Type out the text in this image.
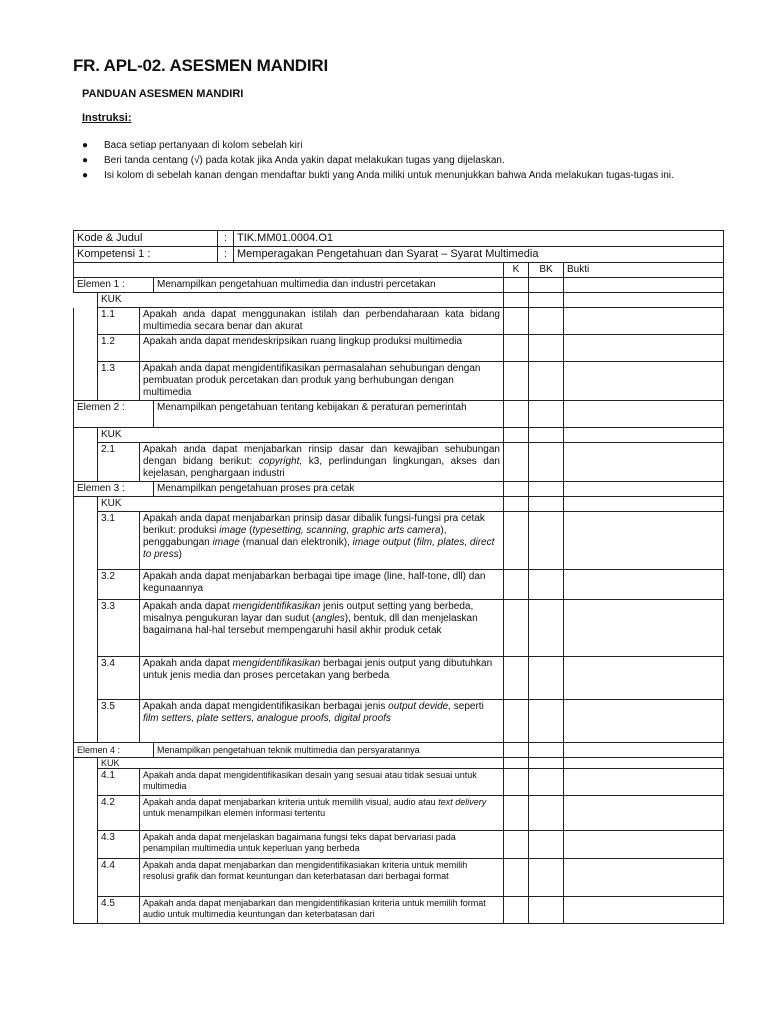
FR. APL-02. ASESMEN MANDIRI
PANDUAN ASESMEN MANDIRI

Instruksi:

● Baca setiap pertanyaan di kolom sebelah kiri
● Beri tanda centang (√) pada kotak jika Anda yakin dapat melakukan tugas yang dijelaskan.
● Isi kolom di sebelah kanan dengan mendaftar bukti yang Anda miliki untuk menunjukkan bahwa Anda melakukan tugas-tugas ini.
Kode & Judul				:	TIK.MM01.0004.O1			
Kompetensi 1 :				:	Memperagakan Pengetahuan dan Syarat – Syarat Multimedia			
						K	BK	Bukti
Elemen 1 :			Menampilkan pengetahuan multimedia dan industri percetakan					
	KUK							
	1.1	Apakah anda dapat menggunakan istilah dan perbendaharaan kata bidang multimedia secara benar dan akurat						
	1.2	Apakah anda dapat mendeskripsikan ruang lingkup produksi multimedia						
	1.3	Apakah anda dapat mengidentifikasikan permasalahan sehubungan dengan pembuatan produk percetakan dan produk yang berhubungan dengan multimedia						
Elemen 2 :			Menampilkan pengetahuan tentang kebijakan & peraturan pemerintah					
	KUK							
	2.1	Apakah anda dapat menjabarkan rinsip dasar dan kewajiban sehubungan dengan bidang berikut: copyright, k3, perlindungan lingkungan, akses dan kejelasan, penghargaan industri						
Elemen 3 :			Menampilkan pengetahuan proses pra cetak					
	KUK							
	3.1	Apakah anda dapat menjabarkan prinsip dasar dibalik fungsi-fungsi pra cetak berikut: produksi image (typesetting, scanning, graphic arts camera), penggabungan image (manual dan elektronik), image output (film, plates, direct to press)						
	3.2	Apakah anda dapat menjabarkan berbagai tipe image (line, half-tone, dll) dan kegunaannya						
	3.3	Apakah anda dapat mengidentifikasikan jenis output setting yang berbeda, misalnya pengukuran layar dan sudut (angles), bentuk, dll dan menjelaskan bagaimana hal-hal tersebut mempengaruhi hasil akhir produk cetak						
	3.4	Apakah anda dapat mengidentifikasikan berbagai jenis output yang dibutuhkan untuk jenis media dan proses percetakan yang berbeda						
	3.5	Apakah anda dapat mengidentifikasikan berbagai jenis output devide, seperti film setters, plate setters, analogue proofs, digital proofs						
Elemen 4 :			Menampilkan pengetahuan teknik multimedia dan persyaratannya					
	KUK							
	4.1	Apakah anda dapat mengidentifikasikan desain yang sesuai atau tidak sesuai untuk multimedia						
	4.2	Apakah anda dapat menjabarkan kriteria untuk memilih visual, audio atau text delivery untuk menampilkan elemen informasi tertentu						
	4.3	Apakah anda dapat menjelaskan bagaimana fungsi teks dapat bervariasi pada penampilan multimedia untuk keperluan yang berbeda						
	4.4	Apakah anda dapat menjabarkan dan mengidentifikasiakan kriteria untuk memilih resolusi grafik dan format keuntungan dan keterbatasan dari berbagai format						
	4.5	Apakah anda dapat menjabarkan dan mengidentifikasian kriteria untuk memilih format audio untuk multimedia keuntungan dan keterbatasan dari						
